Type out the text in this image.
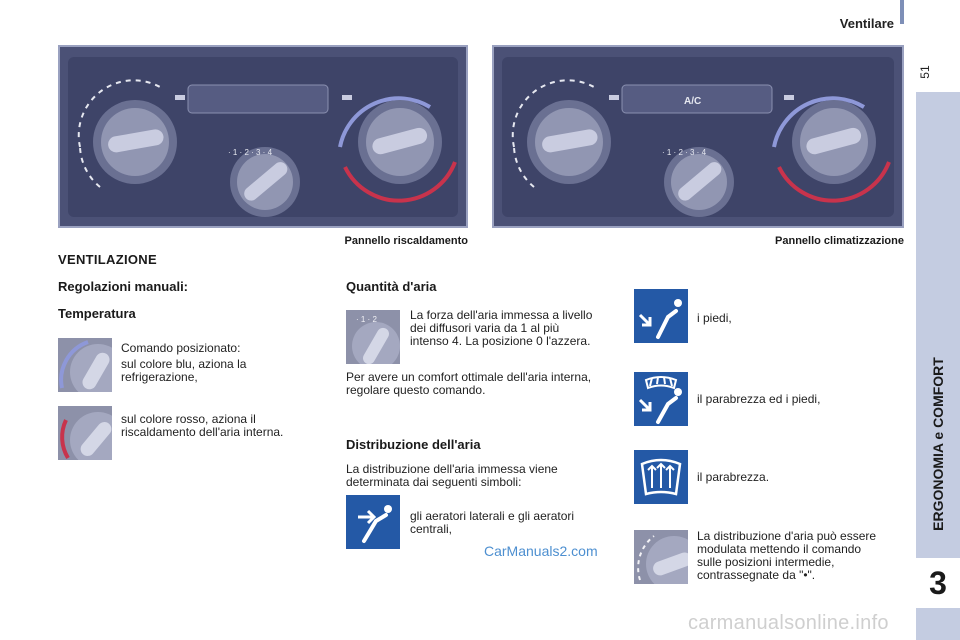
Ventilare
51
ERGONOMIA e COMFORT
3
· 1 · 2 · 3 · 4
Pannello riscaldamento
· 1 · 2 · 3 · 4
A/C
Pannello climatizzazione
VENTILAZIONE
Regolazioni manuali:
Temperatura
Comando posizionato:
sul colore blu, aziona la refrigerazione,
sul colore rosso, aziona il riscaldamento dell'aria interna.
Quantità d'aria
· 1 · 2	La forza dell'aria immessa a livello dei diffusori varia da 1 al più intenso 4. La posizione 0 l'azzera.
Per avere un comfort ottimale dell'aria interna, regolare questo comando.
Distribuzione dell'aria
La distribuzione dell'aria immessa viene determinata dai seguenti simboli:
gli aeratori laterali e gli aeratori centrali,
CarManuals2.com
i piedi,
il parabrezza ed i piedi,
il parabrezza.
La distribuzione d'aria può essere modulata mettendo il comando sulle posizioni intermedie, contrassegnate da "•".
carmanualsonline.info
